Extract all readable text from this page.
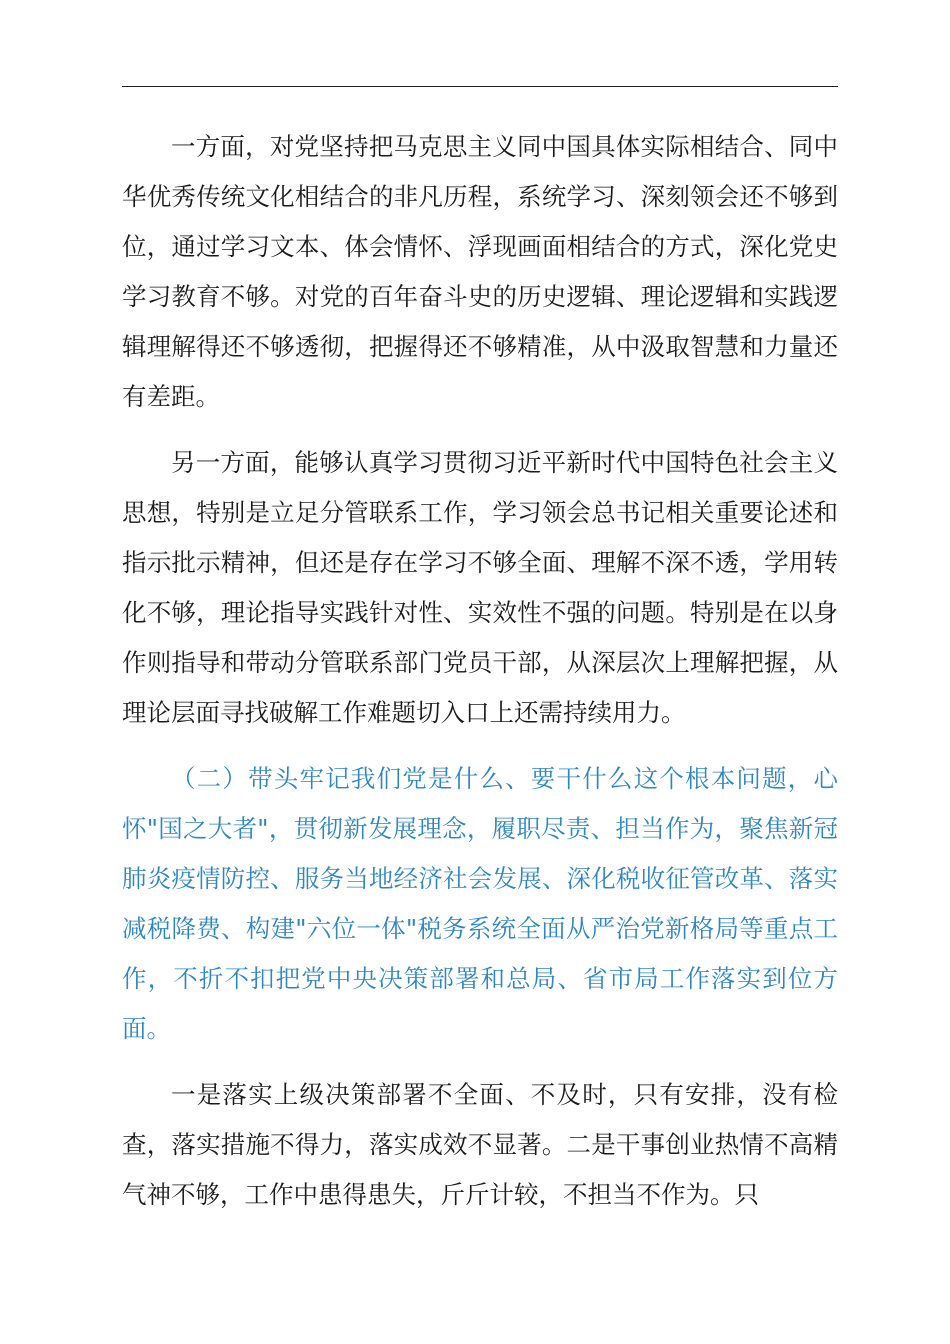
一方面，对党坚持把马克思主义同中国具体实际相结合、同中华优秀传统文化相结合的非凡历程，系统学习、深刻领会还不够到位，通过学习文本、体会情怀、浮现画面相结合的方式，深化党史学习教育不够。对党的百年奋斗史的历史逻辑、理论逻辑和实践逻辑理解得还不够透彻，把握得还不够精准，从中汲取智慧和力量还有差距。

另一方面，能够认真学习贯彻习近平新时代中国特色社会主义思想，特别是立足分管联系工作，学习领会总书记相关重要论述和指示批示精神，但还是存在学习不够全面、理解不深不透，学用转化不够，理论指导实践针对性、实效性不强的问题。特别是在以身作则指导和带动分管联系部门党员干部，从深层次上理解把握，从理论层面寻找破解工作难题切入口上还需持续用力。

（二）带头牢记我们党是什么、要干什么这个根本问题，心怀"国之大者"，贯彻新发展理念，履职尽责、担当作为，聚焦新冠肺炎疫情防控、服务当地经济社会发展、深化税收征管改革、落实减税降费、构建"六位一体"税务系统全面从严治党新格局等重点工作，不折不扣把党中央决策部署和总局、省市局工作落实到位方面。

一是落实上级决策部署不全面、不及时，只有安排，没有检查，落实措施不得力，落实成效不显著。二是干事创业热情不高精气神不够，工作中患得患失，斤斤计较，不担当不作为。只
